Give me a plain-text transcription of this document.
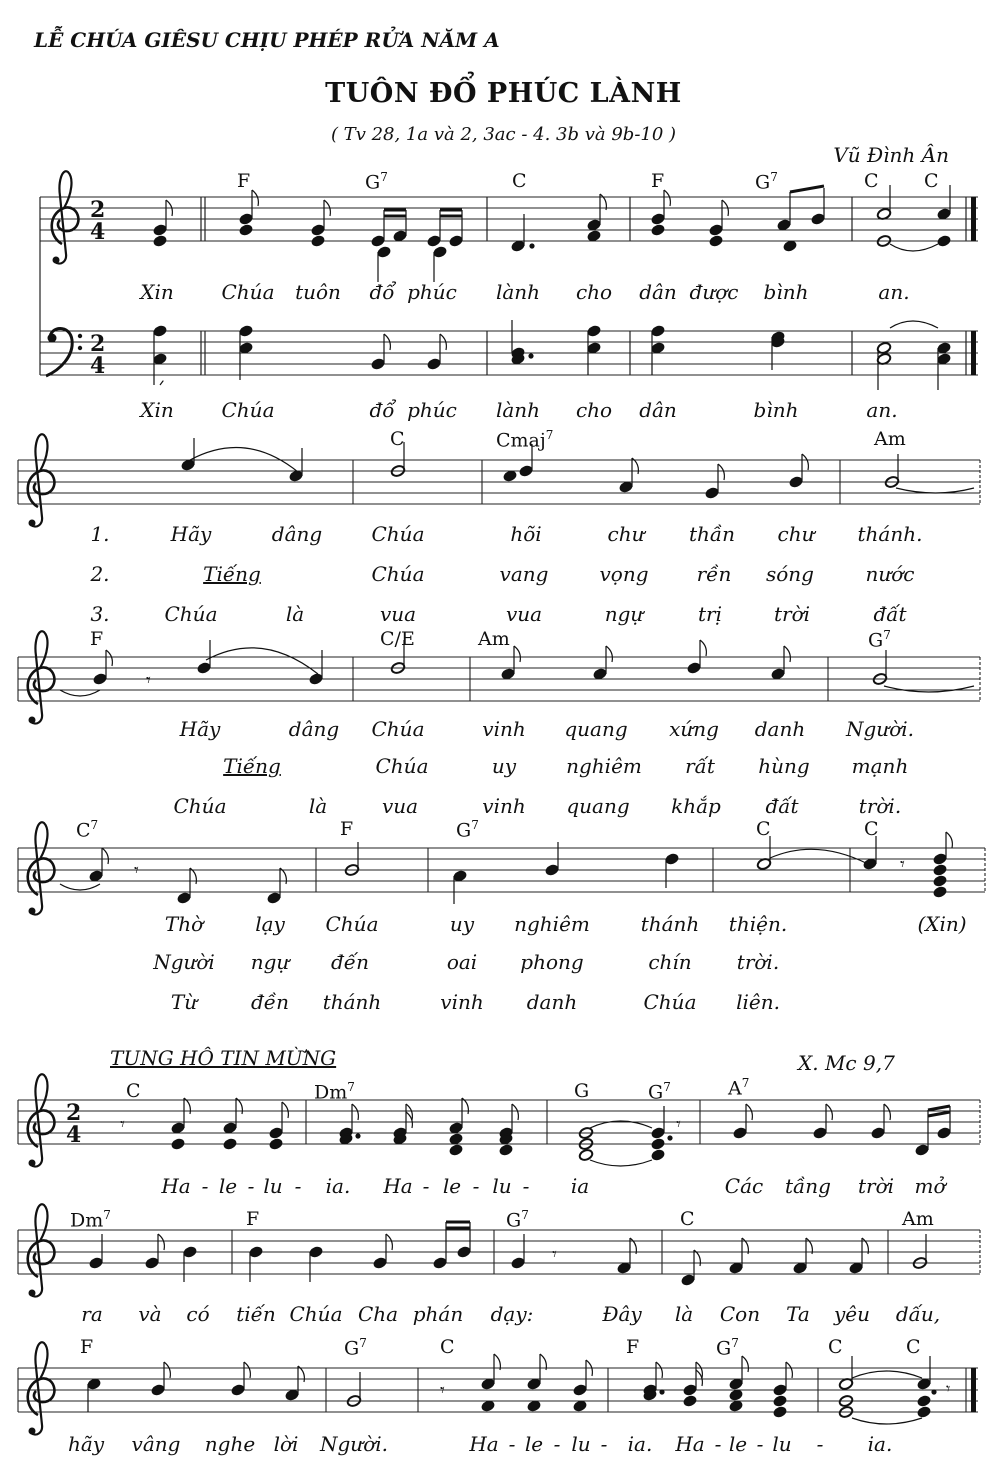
LỄ CHÚA GIÊSU CHỊU PHÉP RỬA NĂM A
TUÔN ĐỔ PHÚC LÀNH
( Tv 28, 1a và 2, 3ac - 4. 3b và 9b-10 )
Vũ Đình Ân
2
4
2
4
𝄾
𝄾	𝄾
2
4 𝄾	𝄾
𝄾
𝄾	𝄾
F	$G^7$	C	F	$G^7$	C C
Xin Chúa tuôn đổ phúc lành cho dân được bình	an.
Xin Chúa	đổ phúc lành cho dân	bình	an.
C	Cmaj$^7$	Am
1.	Hãy	dâng Chúa	hõi	chư thần chư thánh.
2.	Tiếng	Chúa	vang	vọng rền sóng	nước
3.	Chúa	là	vua	vua	ngự	trị	trời	đất
F	C/E	Am	$G^7$
Hãy	dâng Chúa	vinh quang xứng danh Người.
Tiếng	Chúa	uy	nghiêm rất hùng mạnh
Chúa	là	vua	vinh quang khắp đất	trời.
$C^7$	F	$G^7$	C	C
Thờ	lạy Chúa	uy nghiêm	thánh thiện.	(Xin)
Người ngự đến	oai phong	chín trời.
Từ	đền thánh	vinh danh	Chúa liên.
TUNG HÔ TIN MỪNG	X. Mc 9,7
C	Dm$^7$	G	$G^7$	$A^7$
Ha - le - lu - ia. Ha - le - lu - ia	Các tầng trời mở
Dm$^7$	F	$G^7$	C	Am
ra và có tiến Chúa Cha phán dạy:	Đây là Con Ta yêu dấu,
F	$G^7$	C	F	$G^7$	C	C
hãy vâng nghe lời Người.	Ha - le - lu - ia. Ha - le - lu - ia.
